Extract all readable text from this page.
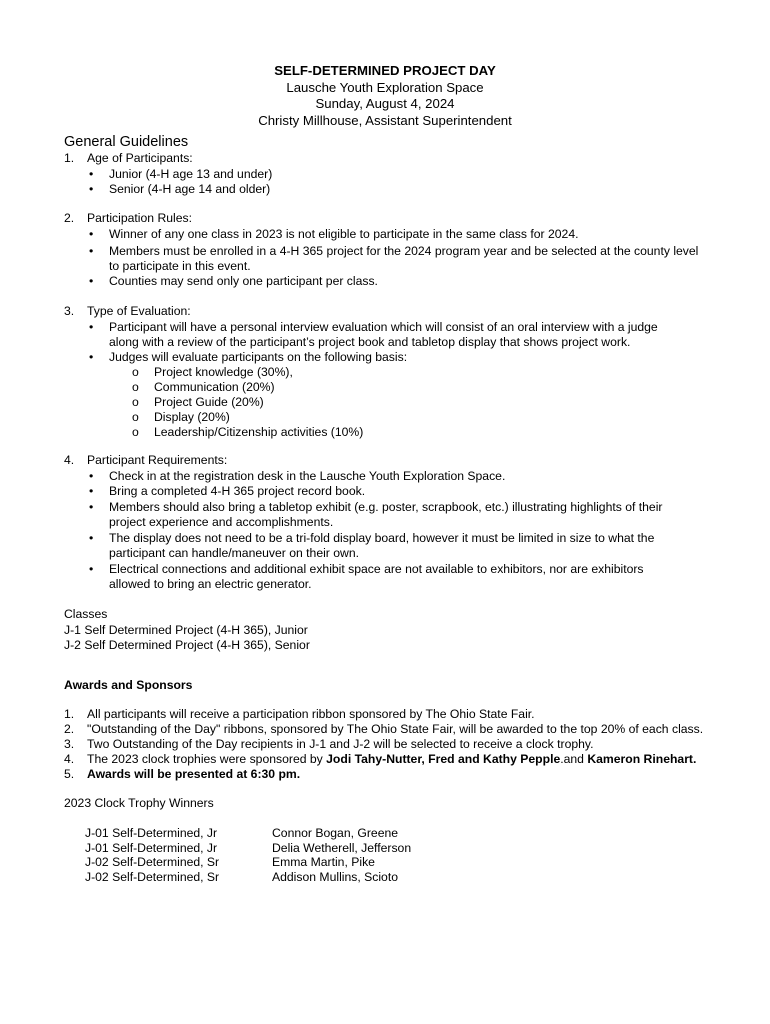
SELF-DETERMINED PROJECT DAY
Lausche Youth Exploration Space
Sunday, August 4, 2024
Christy Millhouse, Assistant Superintendent
General Guidelines
1.	Age of Participants:
• Junior (4-H age 13 and under)
• Senior (4-H age 14 and older)
2.	Participation Rules:
• Winner of any one class in 2023 is not eligible to participate in the same class for 2024.
• Members must be enrolled in a 4-H 365 project for the 2024 program year and be selected at the county level
to participate in this event.
• Counties may send only one participant per class.
3.	Type of Evaluation:
• Participant will have a personal interview evaluation which will consist of an oral interview with a judge
along with a review of the participant’s project book and tabletop display that shows project work.
• Judges will evaluate participants on the following basis:
o Project knowledge (30%),
o Communication (20%)
o Project Guide (20%)
o Display (20%)
o Leadership/Citizenship activities (10%)
4.	Participant Requirements:
• Check in at the registration desk in the Lausche Youth Exploration Space.
• Bring a completed 4-H 365 project record book.
• Members should also bring a tabletop exhibit (e.g. poster, scrapbook, etc.) illustrating highlights of their
project experience and accomplishments.
• The display does not need to be a tri-fold display board, however it must be limited in size to what the
participant can handle/maneuver on their own.
• Electrical connections and additional exhibit space are not available to exhibitors, nor are exhibitors
allowed to bring an electric generator.
Classes
J-1 Self Determined Project (4-H 365), Junior
J-2 Self Determined Project (4-H 365), Senior
Awards and Sponsors
1.	All participants will receive a participation ribbon sponsored by The Ohio State Fair.
2.	"Outstanding of the Day" ribbons, sponsored by The Ohio State Fair, will be awarded to the top 20% of each class.
3.	Two Outstanding of the Day recipients in J-1 and J-2 will be selected to receive a clock trophy.
4.	The 2023 clock trophies were sponsored by Jodi Tahy-Nutter, Fred and Kathy Pepple.and Kameron Rinehart.
5.	Awards will be presented at 6:30 pm.
2023 Clock Trophy Winners
J-01 Self-Determined, Jr	Connor Bogan, Greene
J-01 Self-Determined, Jr	Delia Wetherell, Jefferson
J-02 Self-Determined, Sr	Emma Martin, Pike
J-02 Self-Determined, Sr	Addison Mullins, Scioto
